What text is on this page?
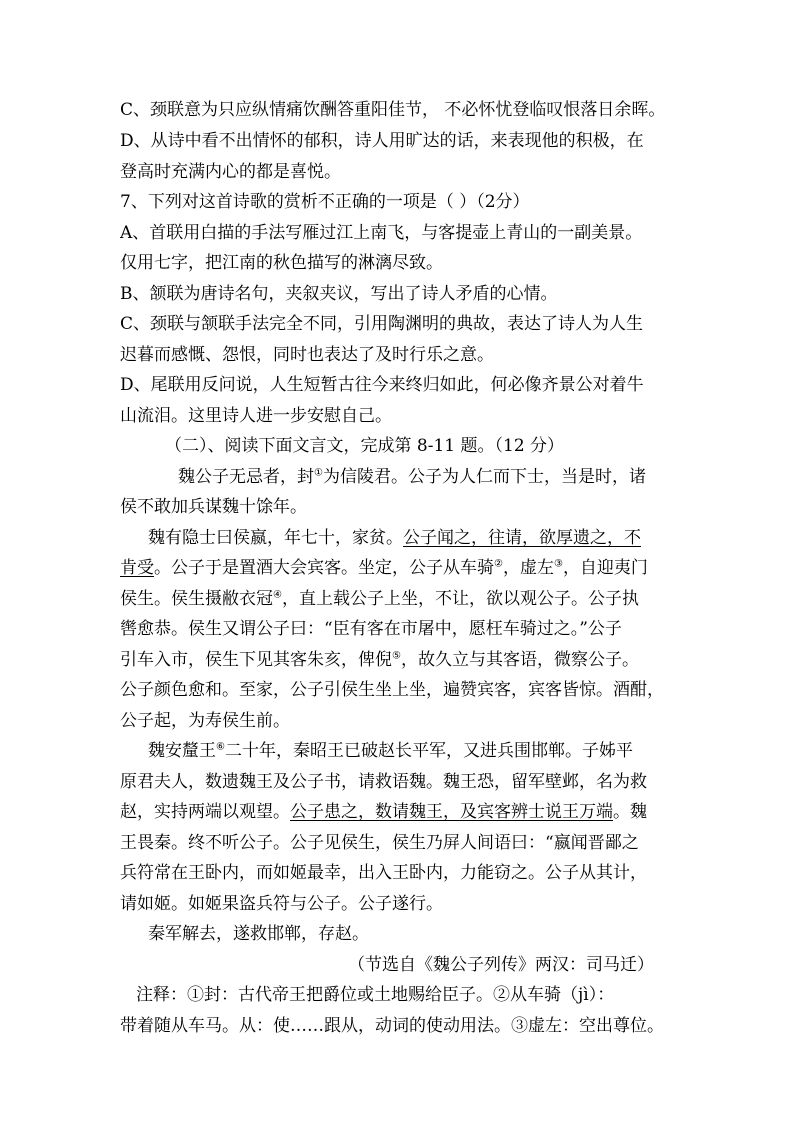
C、颈联意为只应纵情痛饮酬答重阳佳节， 不必怀忧登临叹恨落日余晖。
D、从诗中看不出情怀的郁积，诗人用旷达的话，来表现他的积极，在
登高时充满内心的都是喜悦。
7、下列对这首诗歌的赏析不正确的一项是（ ）（2分）
A、首联用白描的手法写雁过江上南飞，与客提壶上青山的一副美景。
仅用七字，把江南的秋色描写的淋漓尽致。
B、颔联为唐诗名句，夹叙夹议，写出了诗人矛盾的心情。
C、颈联与颔联手法完全不同，引用陶渊明的典故，表达了诗人为人生
迟暮而感慨、怨恨，同时也表达了及时行乐之意。
D、尾联用反问说，人生短暂古往今来终归如此，何必像齐景公对着牛
山流泪。这里诗人进一步安慰自己。
（二）、阅读下面文言文，完成第 8-11 题。（12 分）
魏公子无忌者，封①为信陵君。公子为人仁而下士，当是时，诸
侯不敢加兵谋魏十馀年。
魏有隐士曰侯嬴，年七十，家贫。公子闻之，往请，欲厚遗之，不
肯受。公子于是置酒大会宾客。坐定，公子从车骑②，虚左③，自迎夷门
侯生。侯生摄敝衣冠④，直上载公子上坐，不让，欲以观公子。公子执
辔愈恭。侯生又谓公子曰：“臣有客在市屠中，愿枉车骑过之。”公子
引车入市，侯生下见其客朱亥，俾倪⑤，故久立与其客语，微察公子。
公子颜色愈和。至家，公子引侯生坐上坐，遍赞宾客，宾客皆惊。酒酣，
公子起，为寿侯生前。
魏安釐王⑥二十年，秦昭王已破赵长平军，又进兵围邯郸。子姊平
原君夫人，数遗魏王及公子书，请救语魏。魏王恐，留军壁邺，名为救
赵，实持两端以观望。公子患之，数请魏王，及宾客辨士说王万端。魏
王畏秦。终不听公子。公子见侯生，侯生乃屏人间语曰：“嬴闻晋鄙之
兵符常在王卧内，而如姬最幸，出入王卧内，力能窃之。公子从其计，
请如姬。如姬果盗兵符与公子。公子遂行。
秦军解去，遂救邯郸，存赵。
（节选自《魏公子列传》两汉：司马迁）
注释：①封：古代帝王把爵位或土地赐给臣子。②从车骑（jì）：
带着随从车马。从：使……跟从，动词的使动用法。③虚左：空出尊位。
